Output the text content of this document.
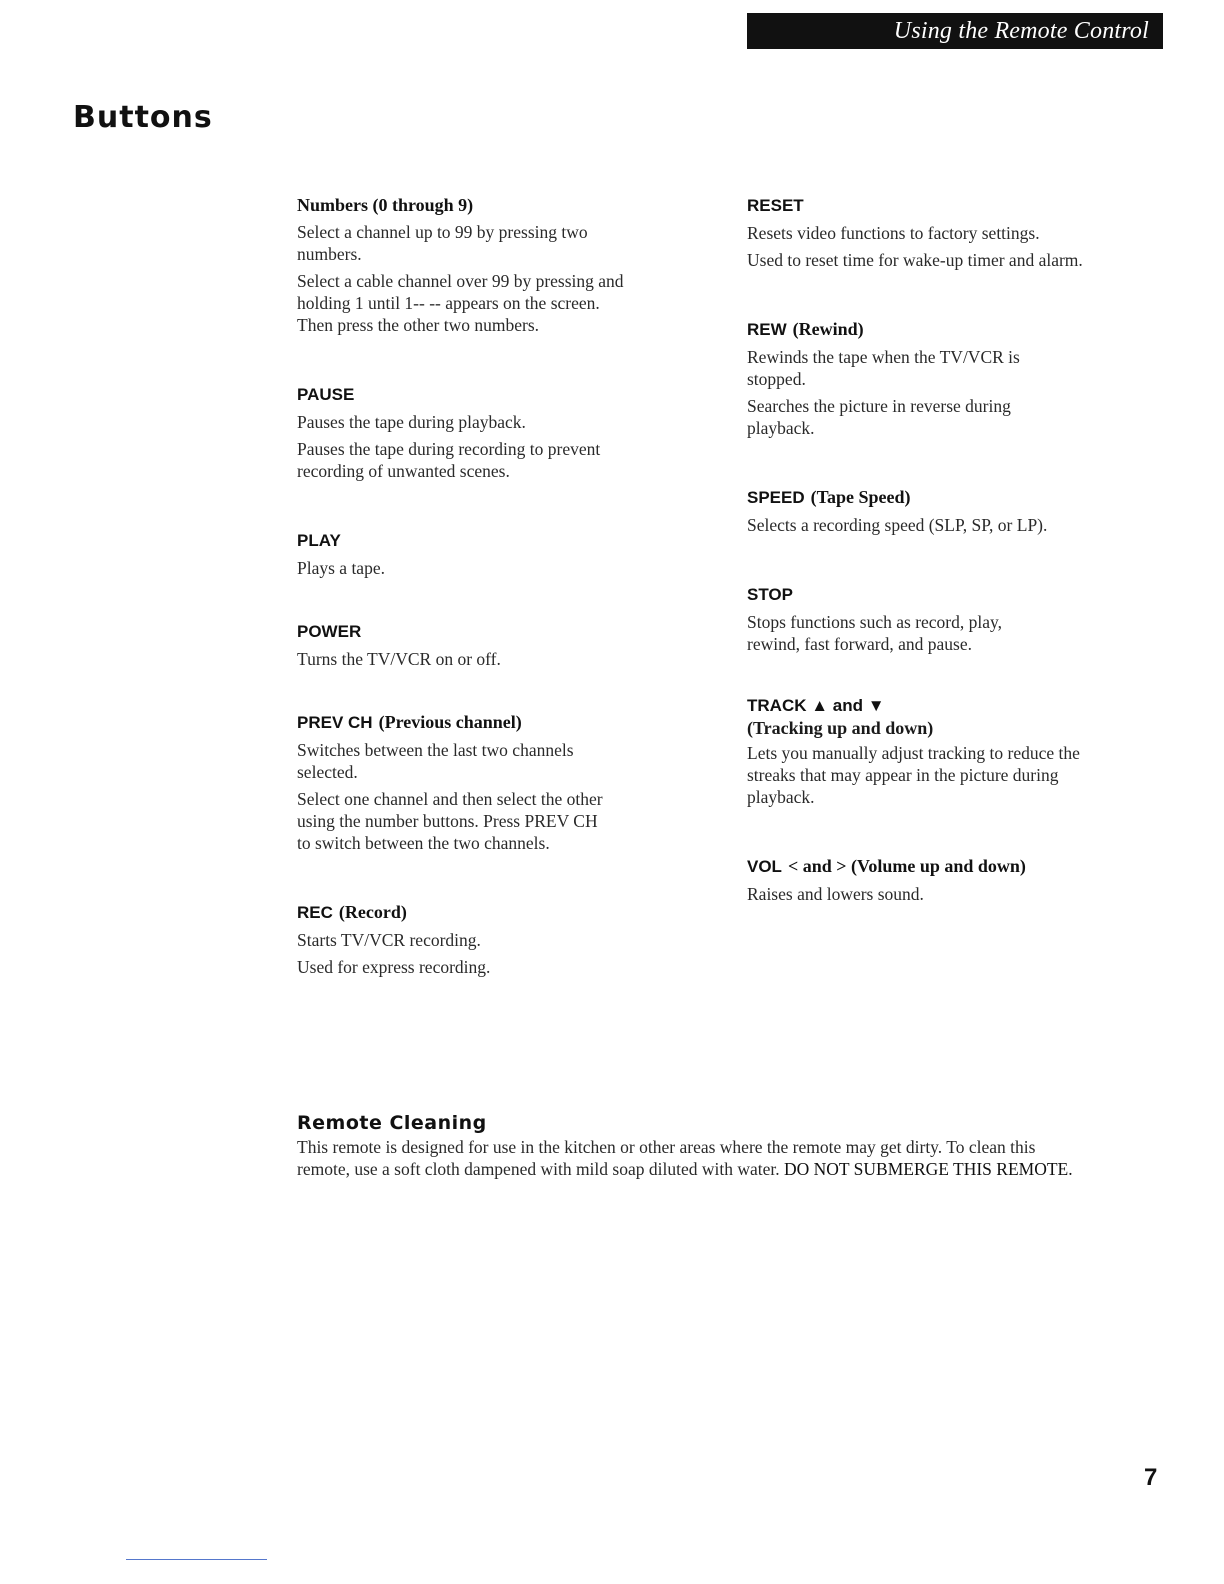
Using the Remote Control
Buttons
Numbers (0 through 9)

Select a channel up to 99 by pressing two numbers.

Select a cable channel over 99 by pressing and holding 1 until 1-- -- appears on the screen. Then press the other two numbers.

PAUSE

Pauses the tape during playback.

Pauses the tape during recording to prevent recording of unwanted scenes.

PLAY

Plays a tape.

POWER

Turns the TV/VCR on or off.

PREV CH (Previous channel)

Switches between the last two channels selected.

Select one channel and then select the other using the number buttons. Press PREV CH to switch between the two channels.

REC (Record)

Starts TV/VCR recording.

Used for express recording.

RESET

Resets video functions to factory settings.

Used to reset time for wake-up timer and alarm.

REW (Rewind)

Rewinds the tape when the TV/VCR is stopped.

Searches the picture in reverse during playback.

SPEED (Tape Speed)

Selects a recording speed (SLP, SP, or LP).

STOP

Stops functions such as record, play, rewind, fast forward, and pause.

TRACK ▲ and ▼
(Tracking up and down)

Lets you manually adjust tracking to reduce the streaks that may appear in the picture during playback.

VOL < and > (Volume up and down)

Raises and lowers sound.

Remote Cleaning

This remote is designed for use in the kitchen or other areas where the remote may get dirty. To clean this remote, use a soft cloth dampened with mild soap diluted with water. DO NOT SUBMERGE THIS REMOTE.

7
